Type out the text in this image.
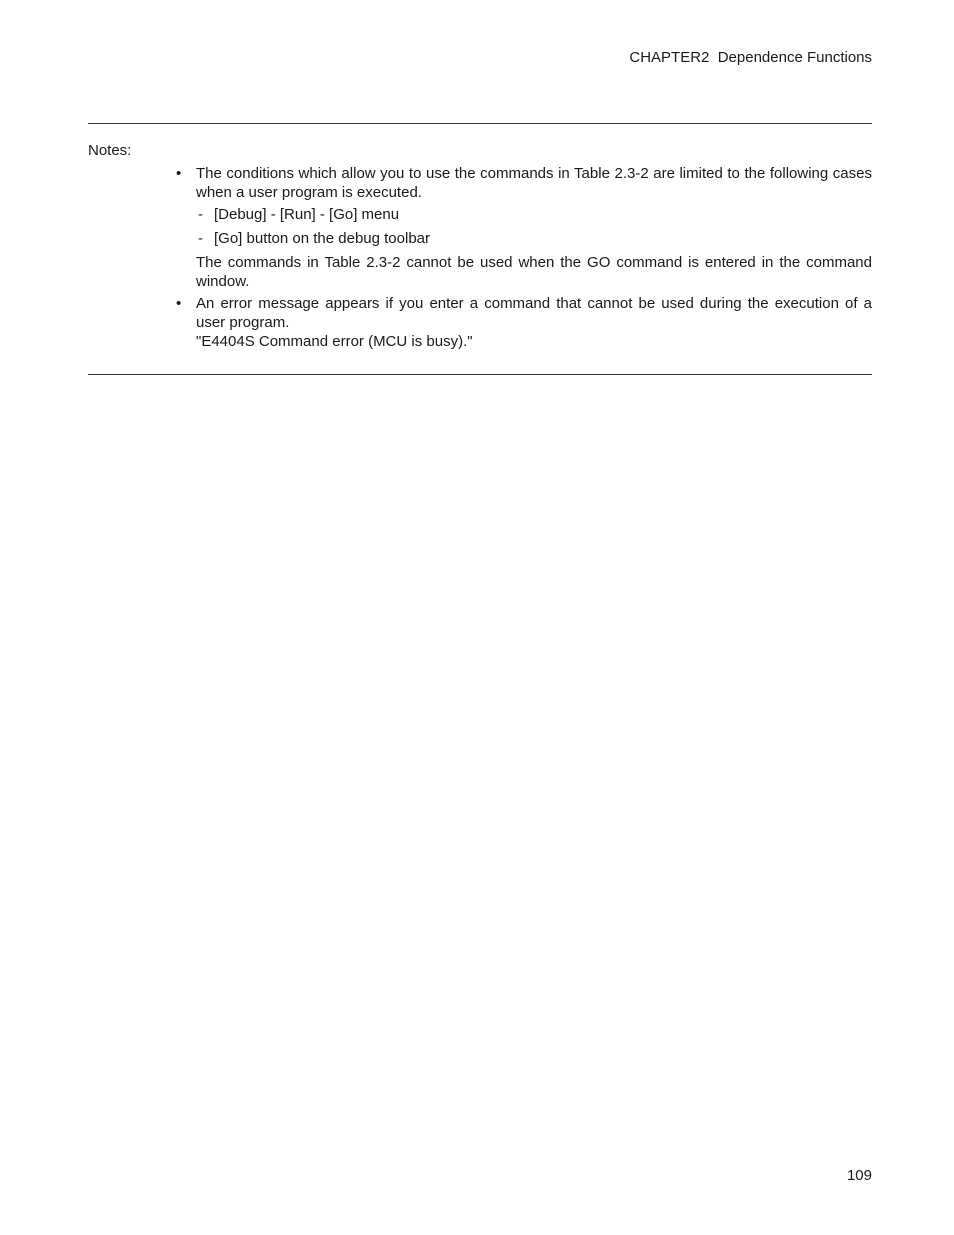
CHAPTER2  Dependence Functions
Notes:
• The conditions which allow you to use the commands in Table 2.3-2 are limited to the following cases when a user program is executed.
- [Debug] - [Run] - [Go] menu
- [Go] button on the debug toolbar
The commands in Table 2.3-2 cannot be used when the GO command is entered in the command window.
• An error message appears if you enter a command that cannot be used during the execution of a user program.
"E4404S Command error (MCU is busy)."
109
